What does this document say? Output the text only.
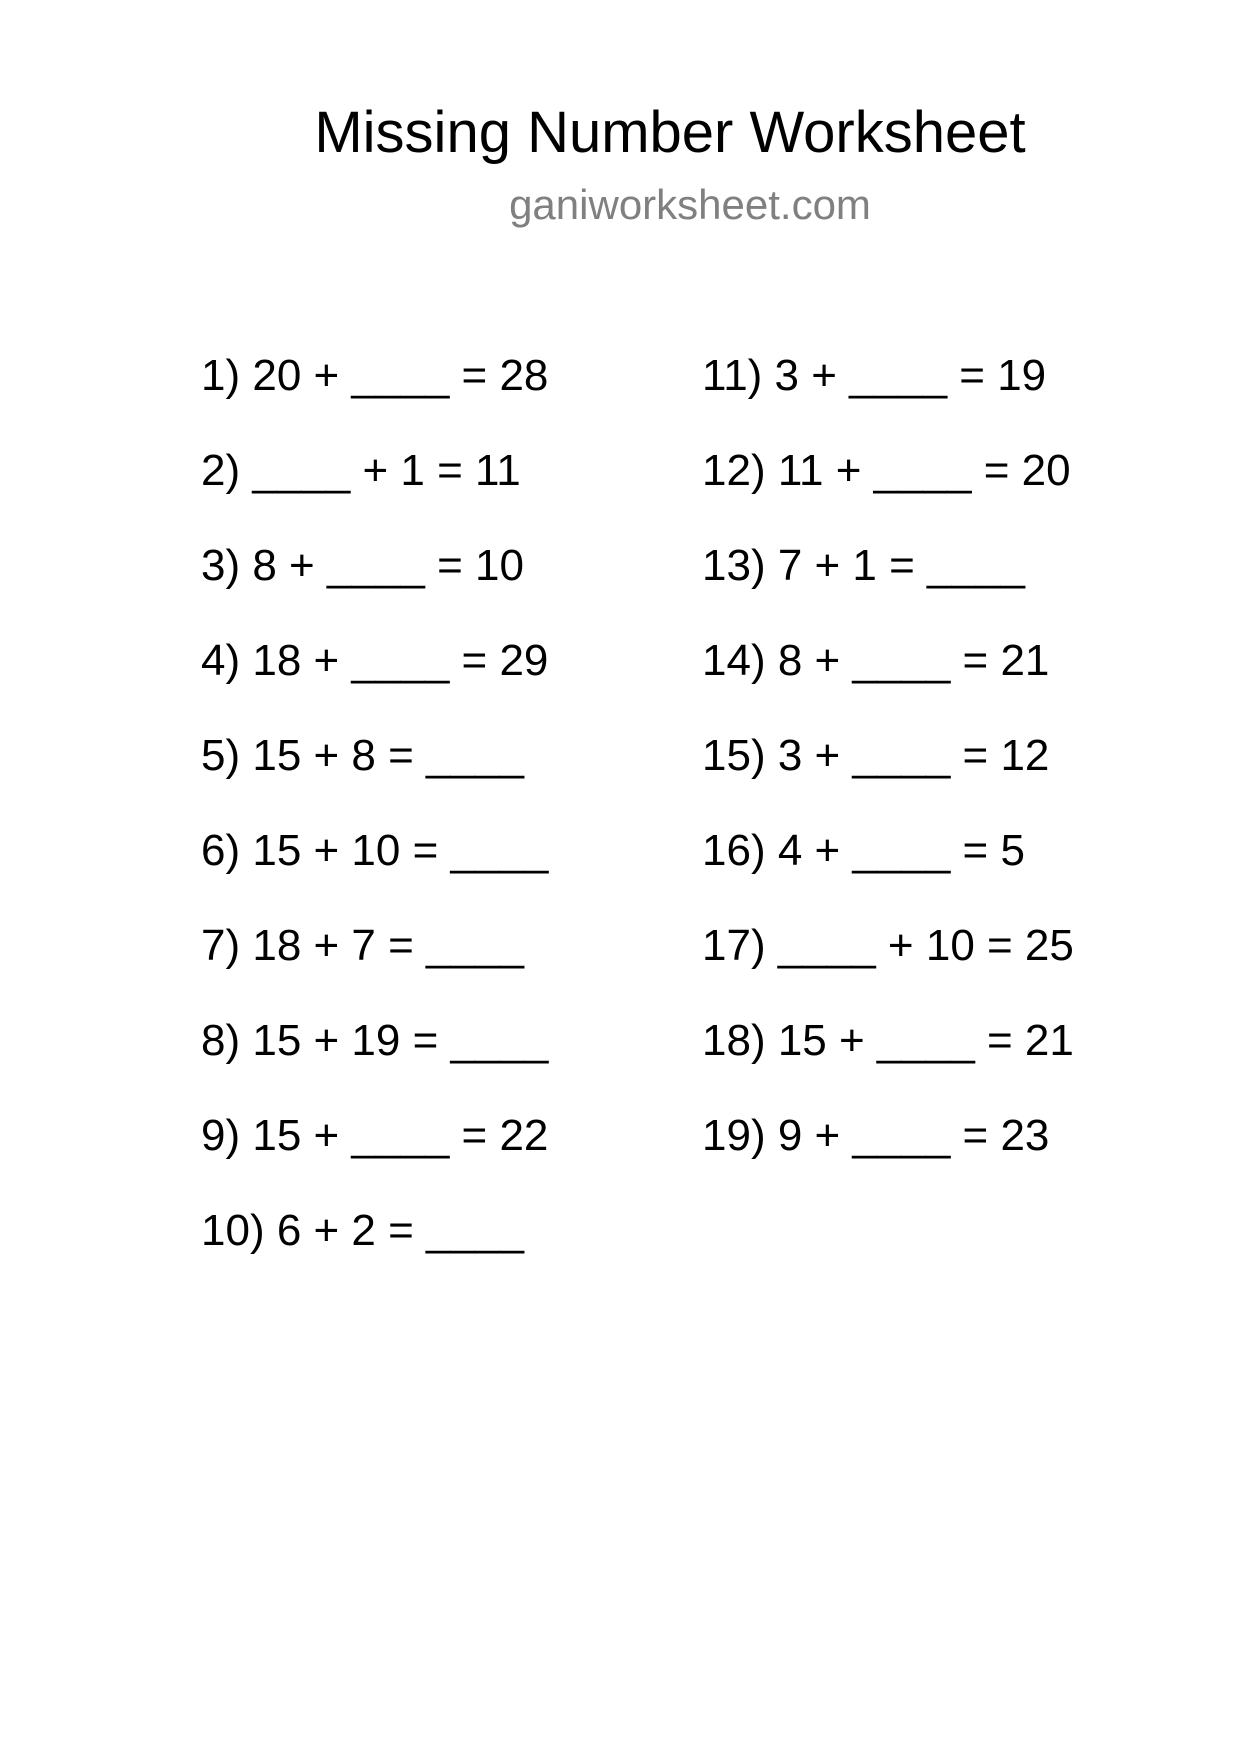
Missing Number Worksheet
ganiworksheet.com
1) 20 + ____ = 28
2) ____ + 1 = 11
3) 8 + ____ = 10
4) 18 + ____ = 29
5) 15 + 8 = ____
6) 15 + 10 = ____
7) 18 + 7 = ____
8) 15 + 19 = ____
9) 15 + ____ = 22
10) 6 + 2 = ____
11) 3 + ____ = 19
12) 11 + ____ = 20
13) 7 + 1 = ____
14) 8 + ____ = 21
15) 3 + ____ = 12
16) 4 + ____ = 5
17) ____ + 10 = 25
18) 15 + ____ = 21
19) 9 + ____ = 23
